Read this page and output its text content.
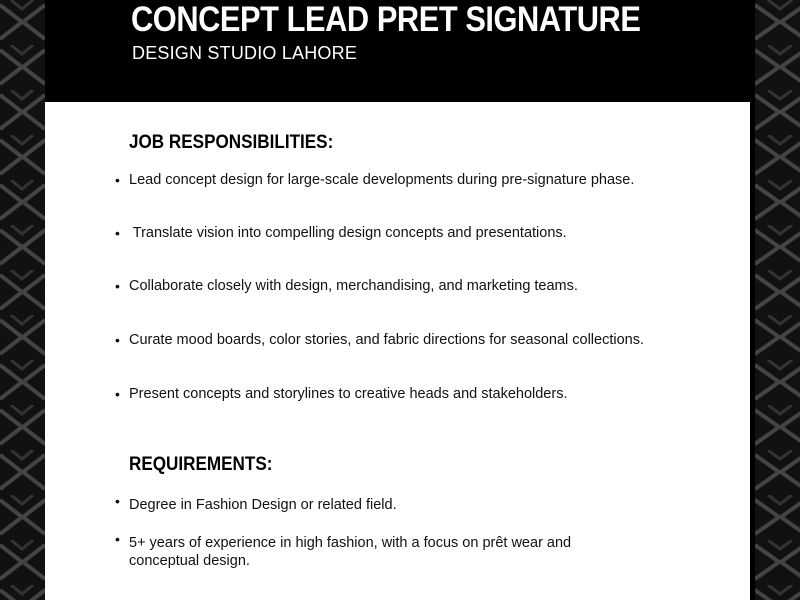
CONCEPT LEAD PRET SIGNATURE
DESIGN STUDIO LAHORE
JOB RESPONSIBILITIES:
• Lead concept design for large-scale developments during pre-signature phase.
• Translate vision into compelling design concepts and presentations.
• Collaborate closely with design, merchandising, and marketing teams.
• Curate mood boards, color stories, and fabric directions for seasonal collections.
• Present concepts and storylines to creative heads and stakeholders.
REQUIREMENTS:
• Degree in Fashion Design or related field.
• 5+ years of experience in high fashion, with a focus on prêt wear and conceptual design.
